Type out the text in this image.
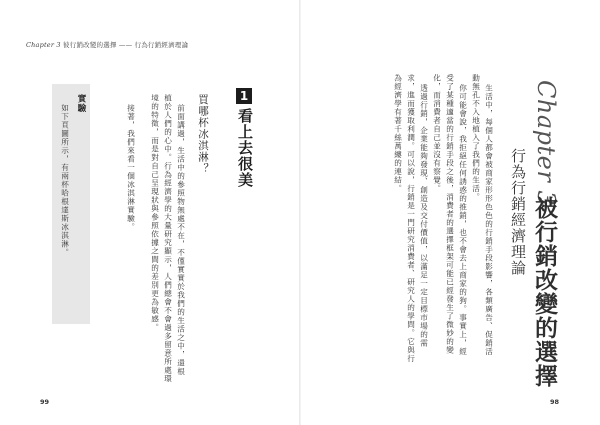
Chapter 3 彼行銷改變的選擇 —— 行為行銷經濟理論
1
看上去很美
買哪杯冰淇淋？
前面講過，生活中的參照物無處不在，不僅實實於我們的生活之中，還根
植於人們的心中。行為經濟學的大量研究顯示，人們總會不會過多留意所處環
境的特徵，而是對自己呈現狀與參照依據之間的差別更為敏感。
接著，我們來看一個冰淇淋實驗。
實驗
如下頁圖所示，有兩杯哈根達斯冰淇淋。
99
Chapter 3
被行銷改變的選擇
行為行銷經濟理論
生活中，每個人都會被商家形形色色的行銷手段影響，各類廣告、促銷活
動無孔不入地植入了我們的生活。
你可能會說，我拒絕任何誘惑的推銷，也不會去上商家的狗。事實上，經
受了某種適當的行銷手段之後，消費者的選擇框架可能已經發生了微妙的變
化，而消費者自己並沒有察覺。
透過行銷，企業能夠發現、創造及交付價值，以滿足一定目標市場的需
求，進而獲取利潤。可以說，行銷是一門研究消費者、研究人的學問。它與行
為經濟學有著千絲萬縷的連結。
98
